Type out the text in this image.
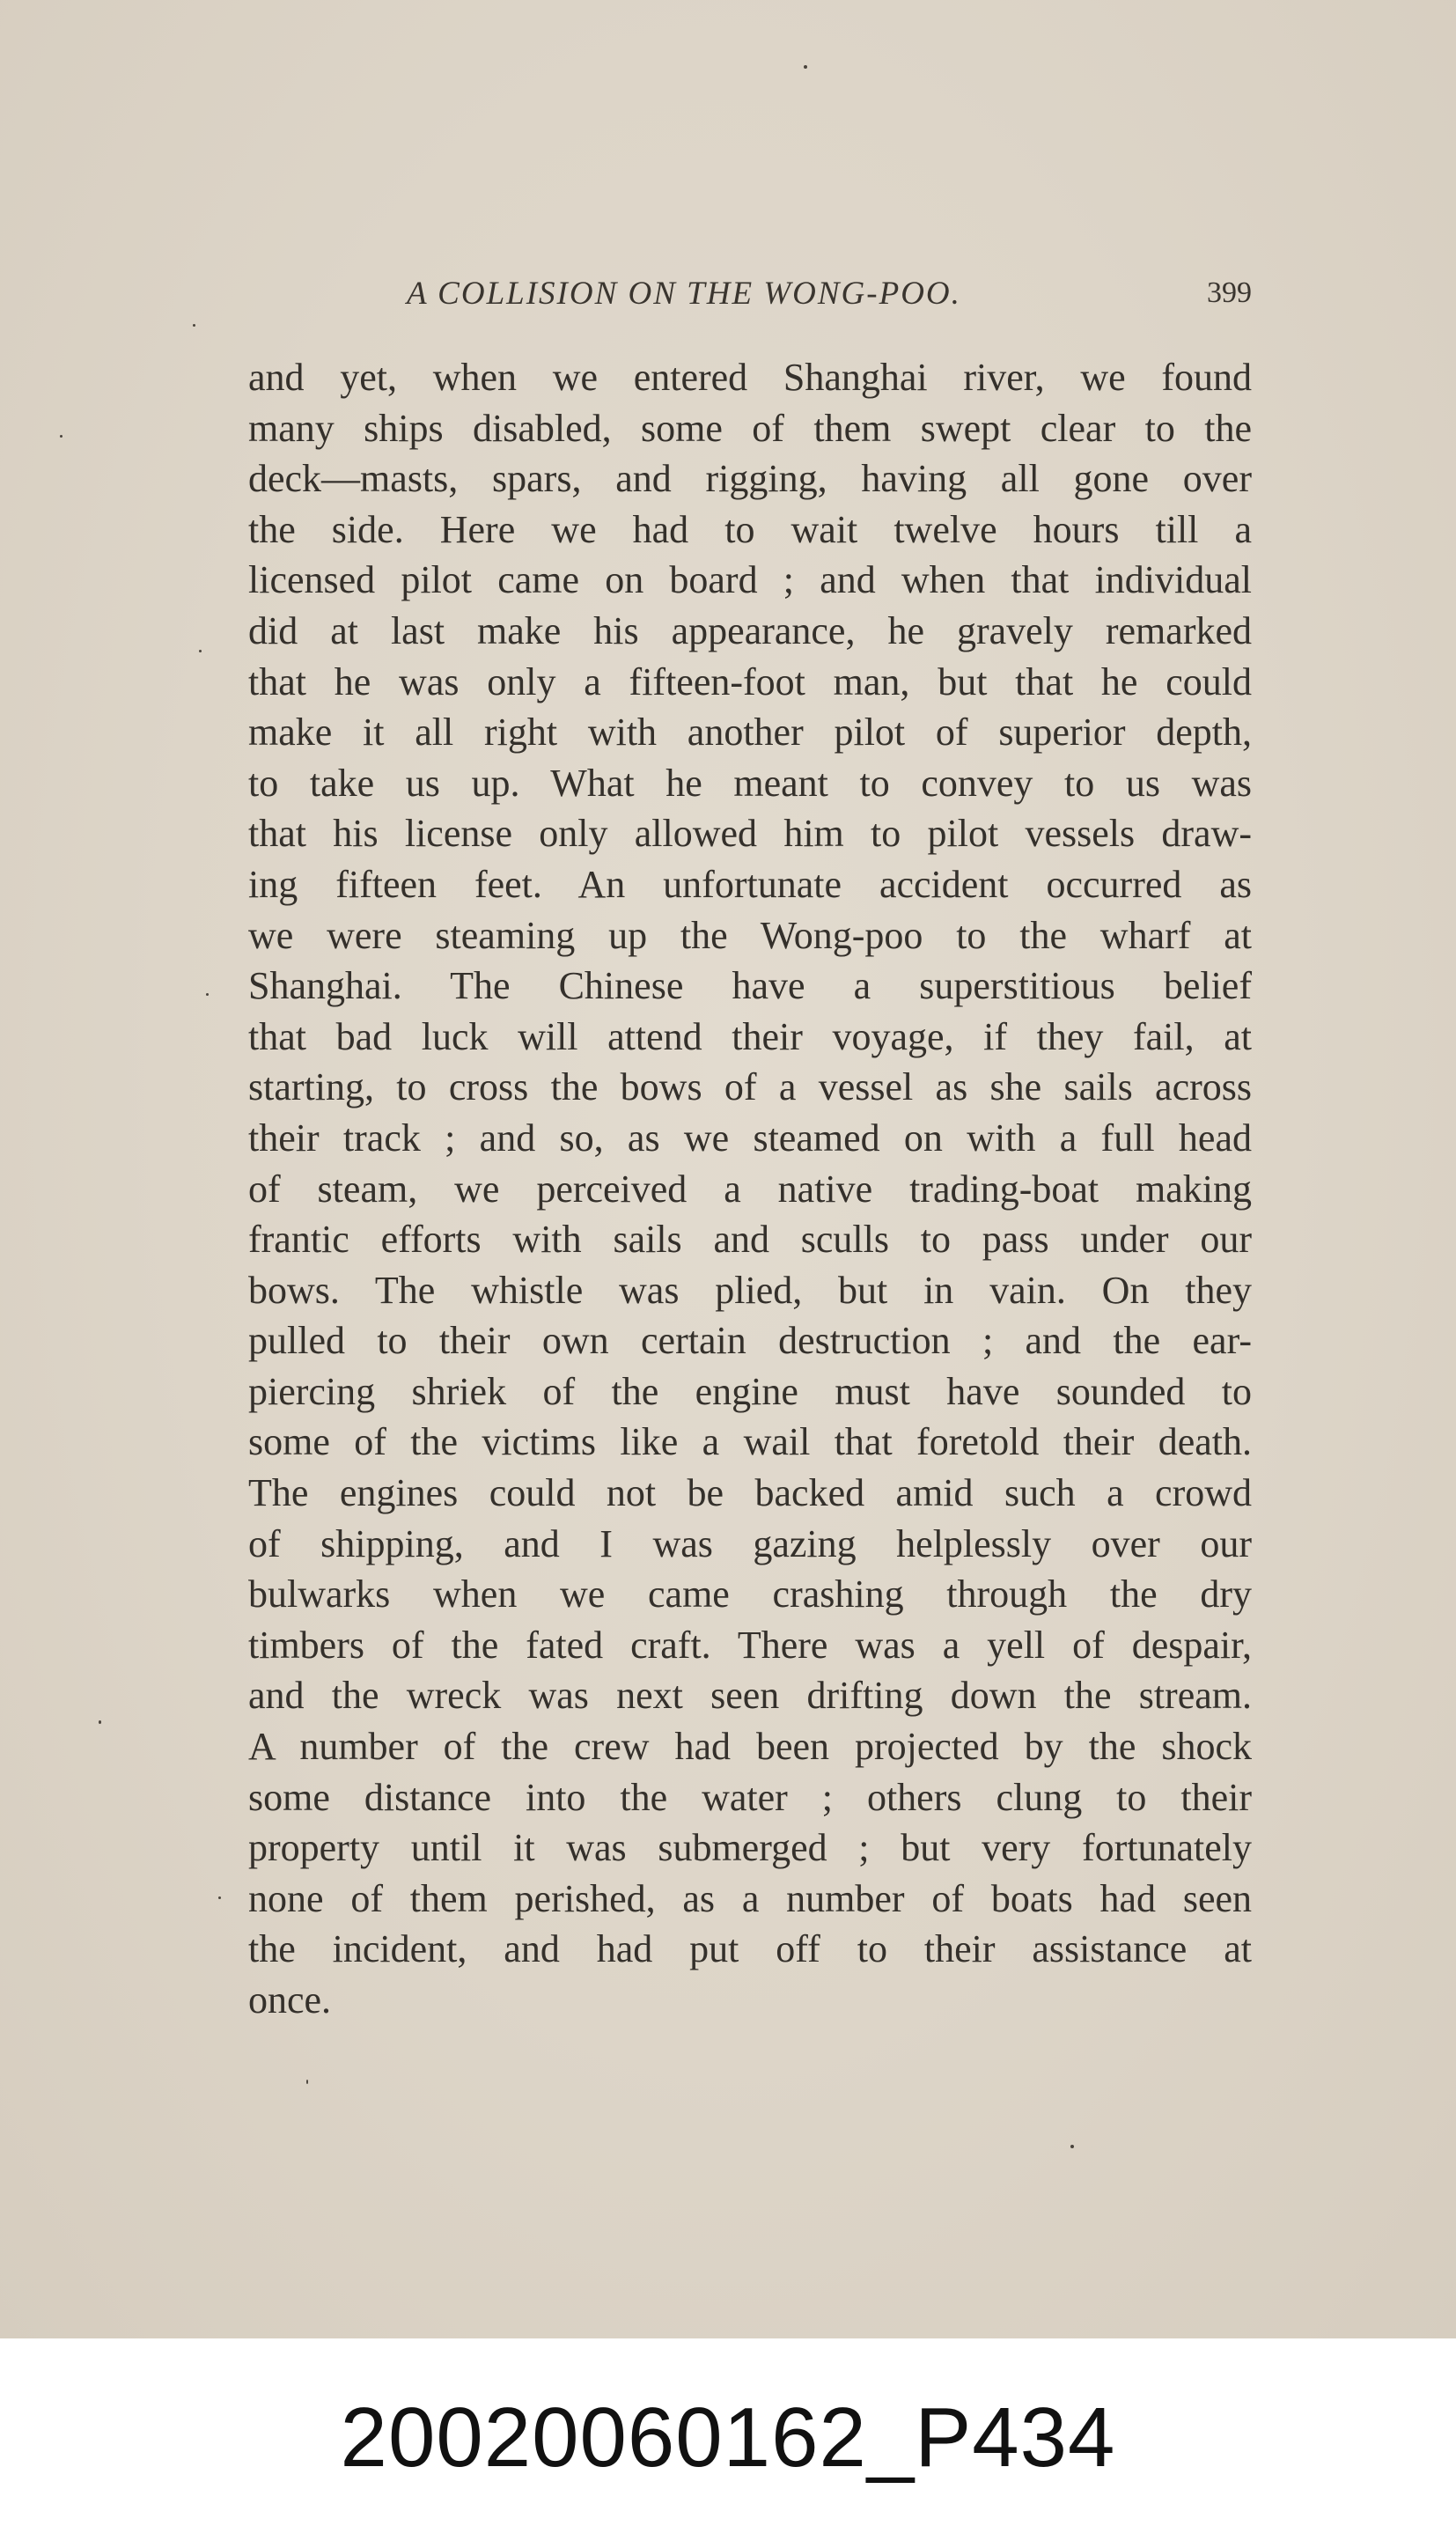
A COLLISION ON THE WONG-POO.	399
and yet, when we entered Shanghai river, we found
many ships disabled, some of them swept clear to the
deck—masts, spars, and rigging, having all gone over
the side. Here we had to wait twelve hours till a
licensed pilot came on board ; and when that individual
did at last make his appearance, he gravely remarked
that he was only a fifteen-foot man, but that he could
make it all right with another pilot of superior depth,
to take us up. What he meant to convey to us was
that his license only allowed him to pilot vessels draw-
ing fifteen feet. An unfortunate accident occurred as
we were steaming up the Wong-poo to the wharf at
Shanghai. The Chinese have a superstitious belief
that bad luck will attend their voyage, if they fail, at
starting, to cross the bows of a vessel as she sails across
their track ; and so, as we steamed on with a full head
of steam, we perceived a native trading-boat making
frantic efforts with sails and sculls to pass under our
bows. The whistle was plied, but in vain. On they
pulled to their own certain destruction ; and the ear-
piercing shriek of the engine must have sounded to
some of the victims like a wail that foretold their death.
The engines could not be backed amid such a crowd
of shipping, and I was gazing helplessly over our
bulwarks when we came crashing through the dry
timbers of the fated craft. There was a yell of despair,
and the wreck was next seen drifting down the stream.
A number of the crew had been projected by the shock
some distance into the water ; others clung to their
property until it was submerged ; but very fortunately
none of them perished, as a number of boats had seen
the incident, and had put off to their assistance at
once.
20020060162_P434
